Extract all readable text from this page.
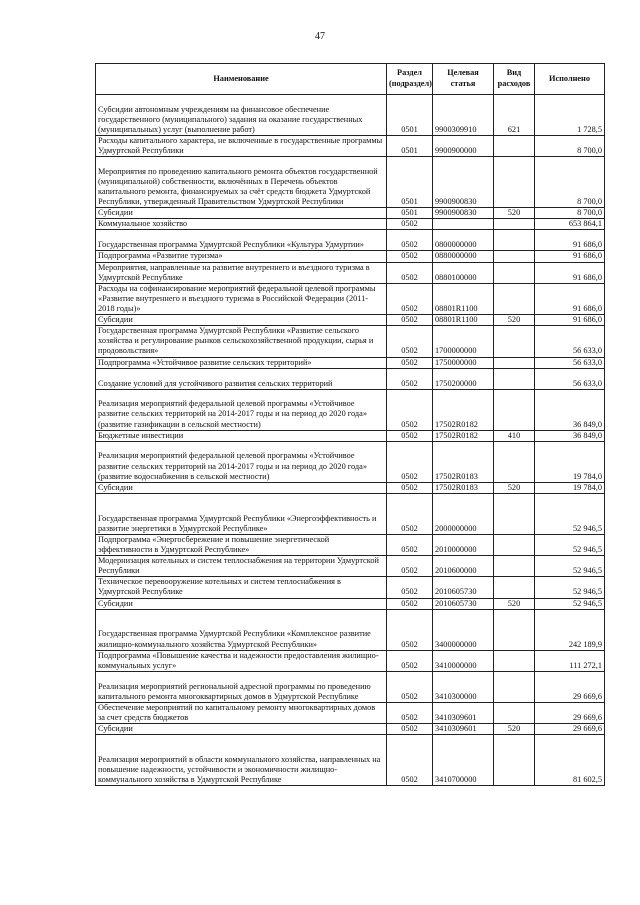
47
Наименование	Раздел (подраздел)	Целевая статья	Вид расходов	Исполнено
Субсидии автономным учреждениям на финансовое обеспечение государственного (муниципального) задания на оказание государственных (муниципальных) услуг (выполнение работ)	0501	9900309910	621	1 728,5
Расходы капитального характера, не включенные в государственные программы Удмуртской Республики	0501	9900900000		8 700,0
Мероприятия по проведению капитального ремонта объектов государственной (муниципальной) собственности, включённых в Перечень объектов капитального ремонта, финансируемых за счёт средств бюджета Удмуртской Республики, утвержденный Правительством Удмуртской Республики	0501	9900900830		8 700,0
Субсидии	0501	9900900830	520	8 700,0
Коммунальное хозяйство	0502			653 864,1
Государственная программа Удмуртской Республики «Культура Удмуртии»	0502	0800000000		91 686,0
Подпрограмма «Развитие туризма»	0502	0880000000		91 686,0
Мероприятия, направленные на развитие внутреннего и въездного туризма в Удмуртской Республике	0502	0880100000		91 686,0
Расходы на софинансирование мероприятий федеральной целевой программы «Развитие внутреннего и въездного туризма в Российской Федерации (2011-2018 годы)»	0502	08801R1100		91 686,0
Субсидии	0502	08801R1100	520	91 686,0
Государственная программа Удмуртской Республики «Развитие сельского хозяйства и регулирование рынков сельскохозяйственной продукции, сырья и продовольствия»	0502	1700000000		56 633,0
Подпрограмма «Устойчивое развитие сельских территорий»	0502	1750000000		56 633,0
Создание условий для устойчивого развития сельских территорий	0502	1750200000		56 633,0
Реализация мероприятий федеральной целевой программы «Устойчивое развитие сельских территорий на 2014-2017 годы и на период до 2020 года» (развитие газификации в сельской местности)	0502	17502R0182		36 849,0
Бюджетные инвестиции	0502	17502R0182	410	36 849,0
Реализация мероприятий федеральной целевой программы «Устойчивое развитие сельских территорий на 2014-2017 годы и на период до 2020 года» (развитие водоснабжения в сельской местности)	0502	17502R0183		19 784,0
Субсидии	0502	17502R0183	520	19 784,0
Государственная программа Удмуртской Республики «Энергоэффективность и развитие энергетики в Удмуртской Республике»	0502	2000000000		52 946,5
Подпрограмма «Энергосбережение и повышение энергетической эффективности в Удмуртской Республике»	0502	2010000000		52 946,5
Модернизация котельных и систем теплоснабжения на территории Удмуртской Республики	0502	2010600000		52 946,5
Техническое перевооружение котельных и систем теплоснабжения в Удмуртской Республике	0502	2010605730		52 946,5
Субсидии	0502	2010605730	520	52 946,5
Государственная программа Удмуртской Республики «Комплексное развитие жилищно-коммунального хозяйства Удмуртской Республики»	0502	3400000000		242 189,9
Подпрограмма «Повышение качества и надежности предоставления жилищно-коммунальных услуг»	0502	3410000000		111 272,1
Реализация мероприятий региональной адресной программы по проведению капитального ремонта многоквартирных домов в Удмуртской Республике	0502	3410300000		29 669,6
Обеспечение мероприятий по капитальному ремонту многоквартирных домов за счет средств бюджетов	0502	3410309601		29 669,6
Субсидии	0502	3410309601	520	29 669,6
Реализация мероприятий в области коммунального хозяйства, направленных на повышение надежности, устойчивости и экономичности жилищно-коммунального хозяйства в Удмуртской Республике	0502	3410700000		81 602,5
